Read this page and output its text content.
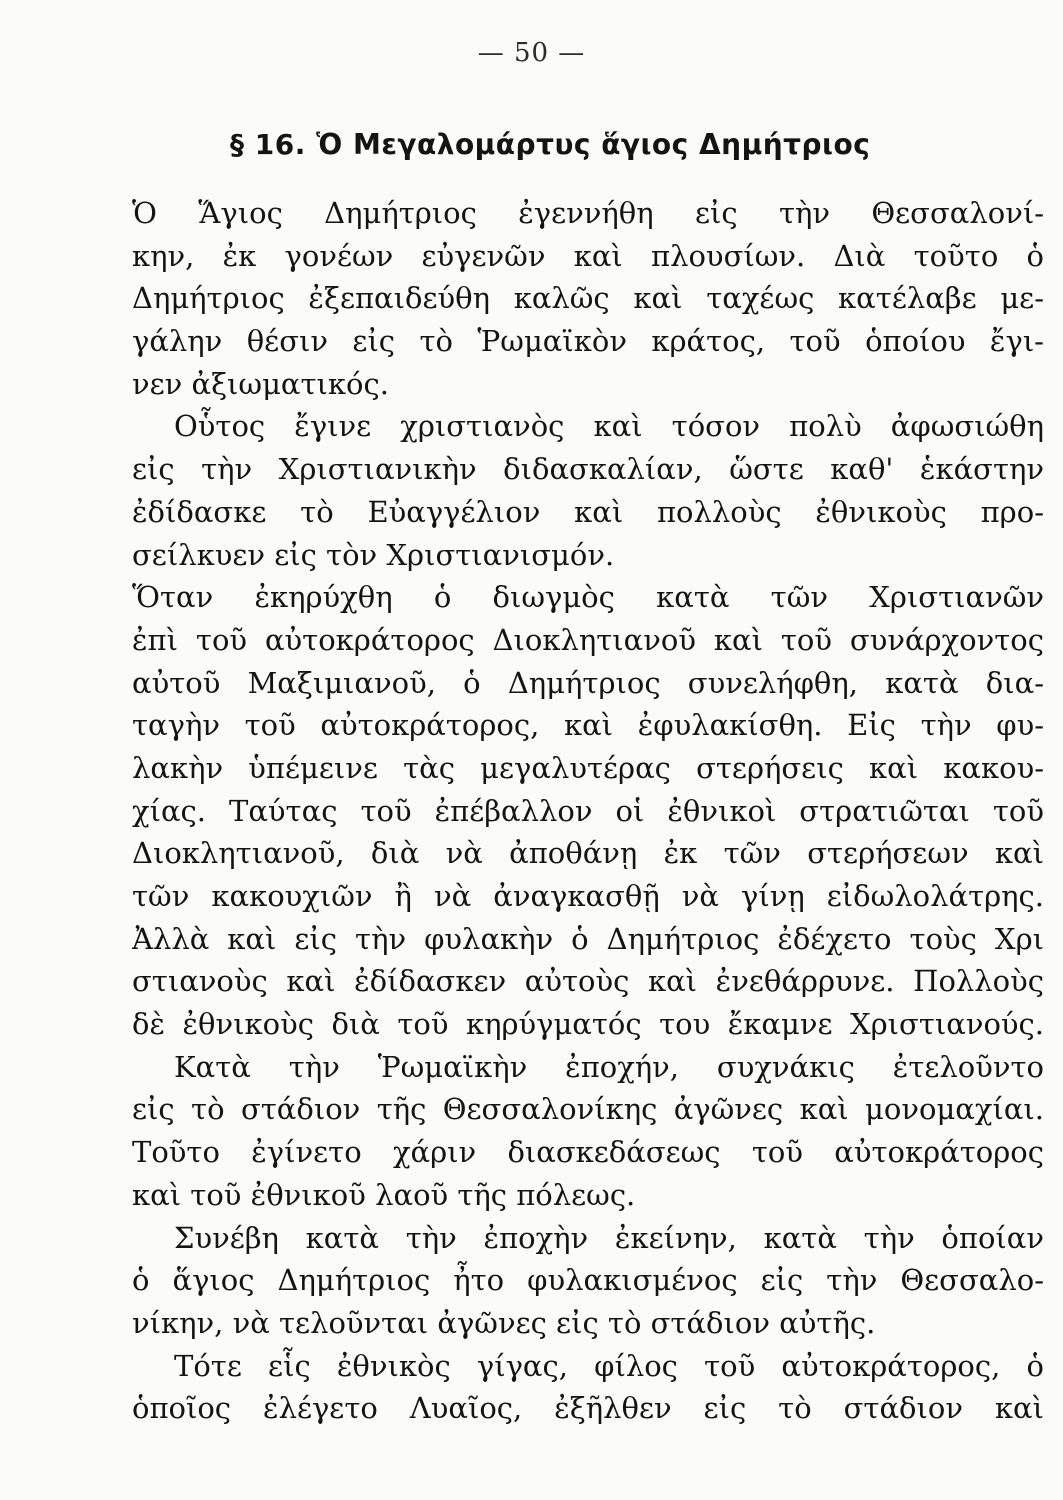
— 50 —
§ 16. Ὁ Μεγαλομάρτυς ἅγιος Δημήτριος
Ὁ Ἅγιος Δημήτριος ἐγεννήθη εἰς τὴν Θεσσαλονί-
κην, ἐκ γονέων εὐγενῶν καὶ πλουσίων. Διὰ τοῦτο ὁ
Δημήτριος ἐξεπαιδεύθη καλῶς καὶ ταχέως κατέλαβε με-
γάλην θέσιν εἰς τὸ Ῥωμαϊκὸν κράτος, τοῦ ὁποίου ἔγι-
νεν ἀξιωματικός.
Οὗτος ἔγινε χριστιανὸς καὶ τόσον πολὺ ἀφωσιώθη
εἰς τὴν Χριστιανικὴν διδασκαλίαν, ὥστε καθ' ἑκάστην
ἐδίδασκε τὸ Εὐαγγέλιον καὶ πολλοὺς ἐθνικοὺς προ-
σείλκυεν εἰς τὸν Χριστιανισμόν.
Ὅταν ἐκηρύχθη ὁ διωγμὸς κατὰ τῶν Χριστιανῶν
ἐπὶ τοῦ αὐτοκράτορος Διοκλητιανοῦ καὶ τοῦ συνάρχοντος
αὐτοῦ Μαξιμιανοῦ, ὁ Δημήτριος συνελήφθη, κατὰ δια-
ταγὴν τοῦ αὐτοκράτορος, καὶ ἐφυλακίσθη. Εἰς τὴν φυ-
λακὴν ὑπέμεινε τὰς μεγαλυτέρας στερήσεις καὶ κακου-
χίας. Ταύτας τοῦ ἐπέβαλλον οἱ ἐθνικοὶ στρατιῶται τοῦ
Διοκλητιανοῦ, διὰ νὰ ἀποθάνῃ ἐκ τῶν στερήσεων καὶ
τῶν κακουχιῶν ἢ νὰ ἀναγκασθῇ νὰ γίνῃ εἰδωλολάτρης.
Ἀλλὰ καὶ εἰς τὴν φυλακὴν ὁ Δημήτριος ἐδέχετο τοὺς Χρι
στιανοὺς καὶ ἐδίδασκεν αὐτοὺς καὶ ἐνεθάρρυνε. Πολλοὺς
δὲ ἐθνικοὺς διὰ τοῦ κηρύγματός του ἔκαμνε Χριστιανούς.
Κατὰ τὴν Ῥωμαϊκὴν ἐποχήν, συχνάκις ἐτελοῦντο
εἰς τὸ στάδιον τῆς Θεσσαλονίκης ἀγῶνες καὶ μονομαχίαι.
Τοῦτο ἐγίνετο χάριν διασκεδάσεως τοῦ αὐτοκράτορος
καὶ τοῦ ἐθνικοῦ λαοῦ τῆς πόλεως.
Συνέβη κατὰ τὴν ἐποχὴν ἐκείνην, κατὰ τὴν ὁποίαν
ὁ ἅγιος Δημήτριος ἦτο φυλακισμένος εἰς τὴν Θεσσαλο-
νίκην, νὰ τελοῦνται ἀγῶνες εἰς τὸ στάδιον αὐτῆς.
Τότε εἷς ἐθνικὸς γίγας, φίλος τοῦ αὐτοκράτορος, ὁ
ὁποῖος ἐλέγετο Λυαῖος, ἐξῆλθεν εἰς τὸ στάδιον καὶ
